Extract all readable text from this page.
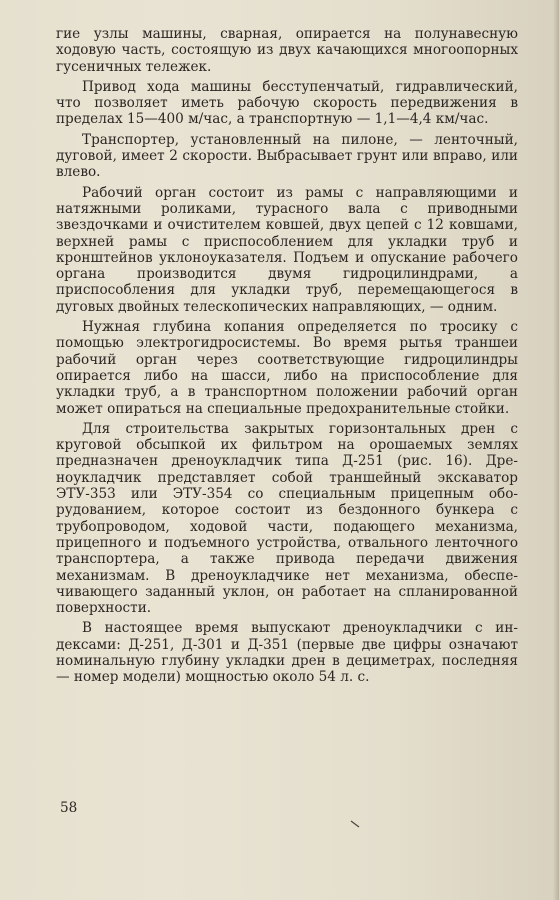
гие узлы машины, сварная, опирается на полунавесную ходовую часть, состоящую из двух качающихся многоопорных гусеничных тележек.

Привод хода машины бесступенчатый, гидравлический, что позволяет иметь рабочую скорость передвижения в пределах 15—400 м/час, а транспортную — 1,1—4,4 км/час.

Транспортер, установленный на пилоне, — ленточный, дуговой, имеет 2 скорости. Выбрасывает грунт или вправо, или влево.

Рабочий орган состоит из рамы с направляющими и натяжными роликами, турасного вала с приводными звездочками и очистителем ковшей, двух цепей с 12 ковшами, верхней рамы с приспособлением для укладки труб и кронштейнов уклоноуказателя. Подъем и опускание рабочего органа производится двумя гидроцилиндрами, а приспособления для укладки труб, перемещающегося в дуговых двойных телескопических направляющих, — одним.

Нужная глубина копания определяется по тросику с помощью электрогидросистемы. Во время рытья траншеи рабочий орган через соответствующие гидроцилиндры опирается либо на шасси, либо на приспособление для укладки труб, а в транспортном положении рабочий орган может опираться на специальные предохранительные стойки.

Для строительства закрытых горизонтальных дрен с круговой обсыпкой их фильтром на орошаемых землях предназначен дреноукладчик типа Д-251 (рис. 16). Дреноукладчик представляет собой траншейный экскаватор ЭТУ-353 или ЭТУ-354 со специальным прицепным оборудованием, которое состоит из бездонного бункера с трубопроводом, ходовой части, подающего механизма, прицепного и подъемного устройства, отвального ленточного транспортера, а также привода передачи движения механизмам. В дреноукладчике нет механизма, обеспечивающего заданный уклон, он работает на спланированной поверхности.

В настоящее время выпускают дреноукладчики с индексами: Д-251, Д-301 и Д-351 (первые две цифры означают номинальную глубину укладки дрен в дециметрах, последняя — номер модели) мощностью около 54 л. с.

58
